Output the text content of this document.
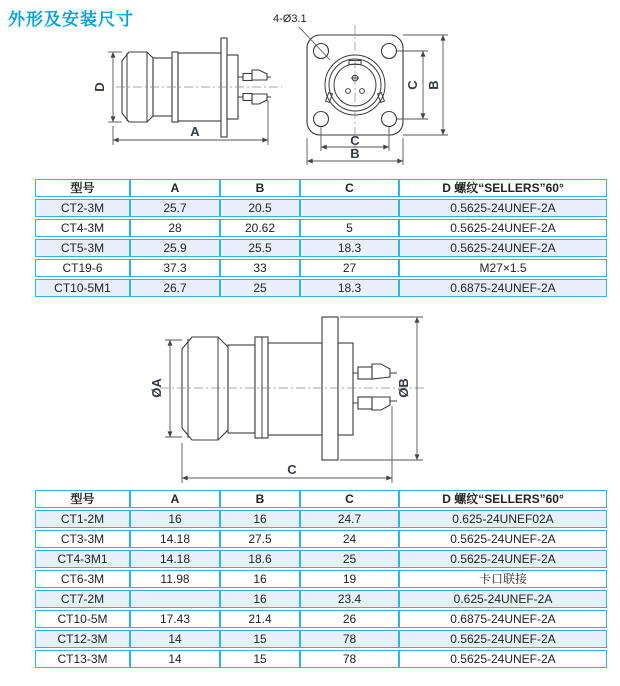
外形及安装尺寸
D
A
4-Ø3.1
C B
C
B
型号	A	B	C	D 螺纹“SELLERS”60°
CT2-3M	25.7	20.5		0.5625-24UNEF-2A
CT4-3M	28	20.62	5	0.5625-24UNEF-2A
CT5-3M	25.9	25.5	18.3	0.5625-24UNEF-2A
CT19-6	37.3	33	27	M27×1.5
CT10-5M1	26.7	25	18.3	0.6875-24UNEF-2A
ØA	ØB
C
型号	A	B	C	D 螺纹“SELLERS”60°
CT1-2M	16	16	24.7	0.625-24UNEF02A
CT3-3M	14.18	27.5	24	0.5625-24UNEF-2A
CT4-3M1	14.18	18.6	25	0.5625-24UNEF-2A
CT6-3M	11.98	16	19	卡口联接
CT7-2M		16	23.4	0.625-24UNEF-2A
CT10-5M	17.43	21.4	26	0.6875-24UNEF-2A
CT12-3M	14	15	78	0.5625-24UNEF-2A
CT13-3M	14	15	78	0.5625-24UNEF-2A
